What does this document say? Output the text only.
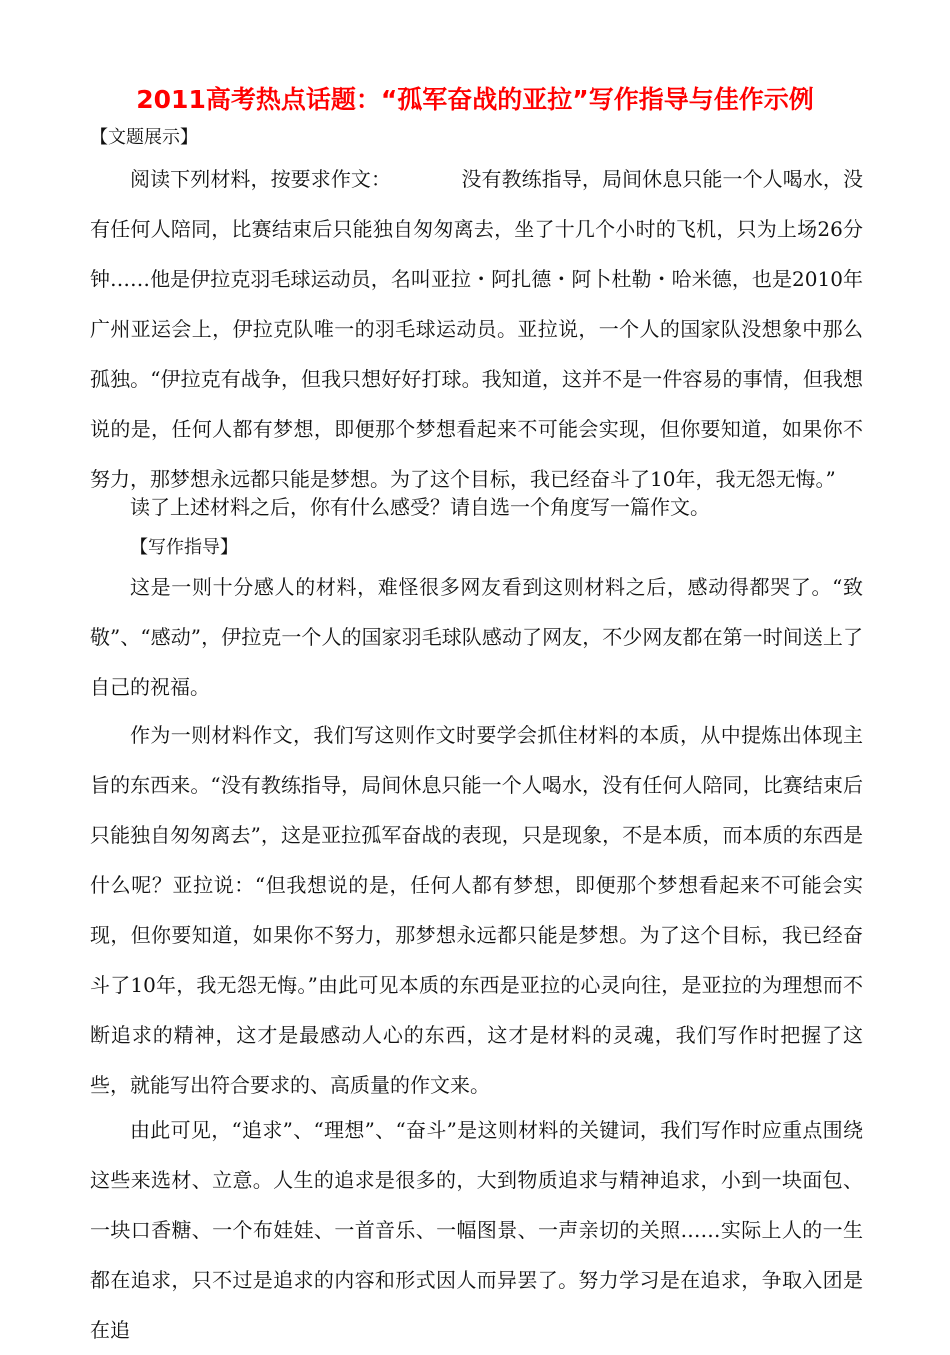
2011高考热点话题：“孤军奋战的亚拉”写作指导与佳作示例
【文题展示】

阅读下列材料，按要求作文：　　　　没有教练指导，局间休息只能一个人喝水，没有任何人陪同，比赛结束后只能独自匆匆离去，坐了十几个小时的飞机，只为上场26分钟……他是伊拉克羽毛球运动员，名叫亚拉・阿扎德・阿卜杜勒・哈米德，也是2010年广州亚运会上，伊拉克队唯一的羽毛球运动员。亚拉说，一个人的国家队没想象中那么孤独。“伊拉克有战争，但我只想好好打球。我知道，这并不是一件容易的事情，但我想说的是，任何人都有梦想，即便那个梦想看起来不可能会实现，但你要知道，如果你不努力，那梦想永远都只能是梦想。为了这个目标，我已经奋斗了10年，我无怨无悔。”

读了上述材料之后，你有什么感受？请自选一个角度写一篇作文。

【写作指导】

这是一则十分感人的材料，难怪很多网友看到这则材料之后，感动得都哭了。“致敬”、“感动”，伊拉克一个人的国家羽毛球队感动了网友，不少网友都在第一时间送上了自己的祝福。

作为一则材料作文，我们写这则作文时要学会抓住材料的本质，从中提炼出体现主旨的东西来。“没有教练指导，局间休息只能一个人喝水，没有任何人陪同，比赛结束后只能独自匆匆离去”，这是亚拉孤军奋战的表现，只是现象，不是本质，而本质的东西是什么呢？亚拉说：“但我想说的是，任何人都有梦想，即便那个梦想看起来不可能会实现，但你要知道，如果你不努力，那梦想永远都只能是梦想。为了这个目标，我已经奋斗了10年，我无怨无悔。”由此可见本质的东西是亚拉的心灵向往，是亚拉的为理想而不断追求的精神，这才是最感动人心的东西，这才是材料的灵魂，我们写作时把握了这些，就能写出符合要求的、高质量的作文来。

由此可见，“追求”、“理想”、“奋斗”是这则材料的关键词，我们写作时应重点围绕这些来选材、立意。人生的追求是很多的，大到物质追求与精神追求，小到一块面包、一块口香糖、一个布娃娃、一首音乐、一幅图景、一声亲切的关照……实际上人的一生都在追求，只不过是追求的内容和形式因人而异罢了。努力学习是在追求，争取入团是在追
